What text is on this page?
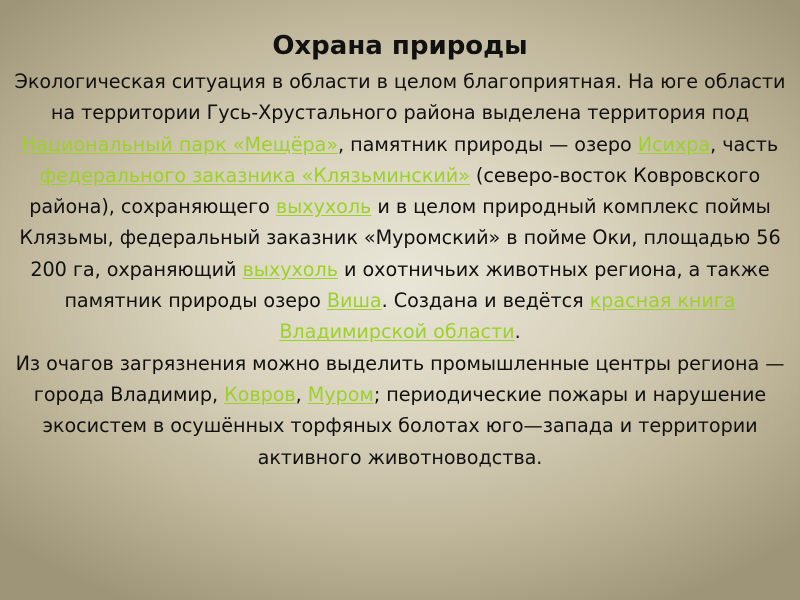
Охрана природы

Экологическая ситуация в области в целом благоприятная. На юге области на территории Гусь-Хрустального района выделена территория под Национальный парк «Мещёра», памятник природы — озеро Исихра, часть федерального заказника «Клязьминский» (северо-восток Ковровского района), сохраняющего выхухоль и в целом природный комплекс поймы Клязьмы, федеральный заказник «Муромский» в пойме Оки, площадью 56 200 га, охраняющий выхухоль и охотничьих животных региона, а также памятник природы озеро Виша. Создана и ведётся красная книга Владимирской области.

Из очагов загрязнения можно выделить промышленные центры региона — города Владимир, Ковров, Муром; периодические пожары и нарушение экосистем в осушённых торфяных болотах юго—запада и территории активного животноводства.
